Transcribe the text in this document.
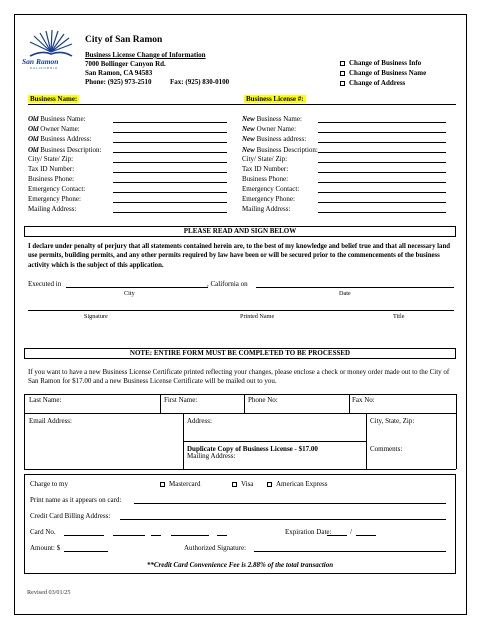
San Ramon
CALIFORNIA
City of San Ramon
Business License Change of Information
7000 Bollinger Canyon Rd.
San Ramon, CA 94583
Phone: (925) 973-2510	Fax: (925) 830-0100
Change of Business Info
Change of Business Name
Change of Address
Business Name:	Business License #:
Old Business Name:
Old Owner Name:
Old Business Address:
Old Business Description:
City/ State/ Zip:
Tax ID Number:
Business Phone:
Emergency Contact:
Emergency Phone:
Mailing Address:
New Business Name:
New Owner Name:
New Business address:
New Business Description:
City/ State/ Zip:
Tax ID Number:
Business Phone:
Emergency Contact:
Emergency Phone:
Mailing Address:
PLEASE READ AND SIGN BELOW
I declare under penalty of perjury that all statements contained herein are, to the best of my knowledge and belief true and that all necessary land use permits, building permits, and any other permits required by law have been or will be secured prior to the commencements of the business activity which is the subject of this application.
Executed in	, California on
City	Date
Signature	Printed Name	Title
NOTE: ENTIRE FORM MUST BE COMPLETED TO BE PROCESSED
If you want to have a new Business License Certificate printed reflecting your changes, please enclose a check or money order made out to the City of San Ramon for $17.00 and a new Business License Certificate will be mailed out to you.
Last Name:	First Name:	Phone No:	Fax No:
Email Address:	Address:	City, State, Zip:
Duplicate Copy of Business License - $17.00
Mailing Address:
Comments:
Charge to my	Mastercard	Visa	American Express
Print name as it appears on card:
Credit Card Billing Address:
Card No.	Expiration Date:	/
Amount: $	Authorized Signature:
**Credit Card Convenience Fee is 2.88% of the total transaction
Revised 03/01/25
